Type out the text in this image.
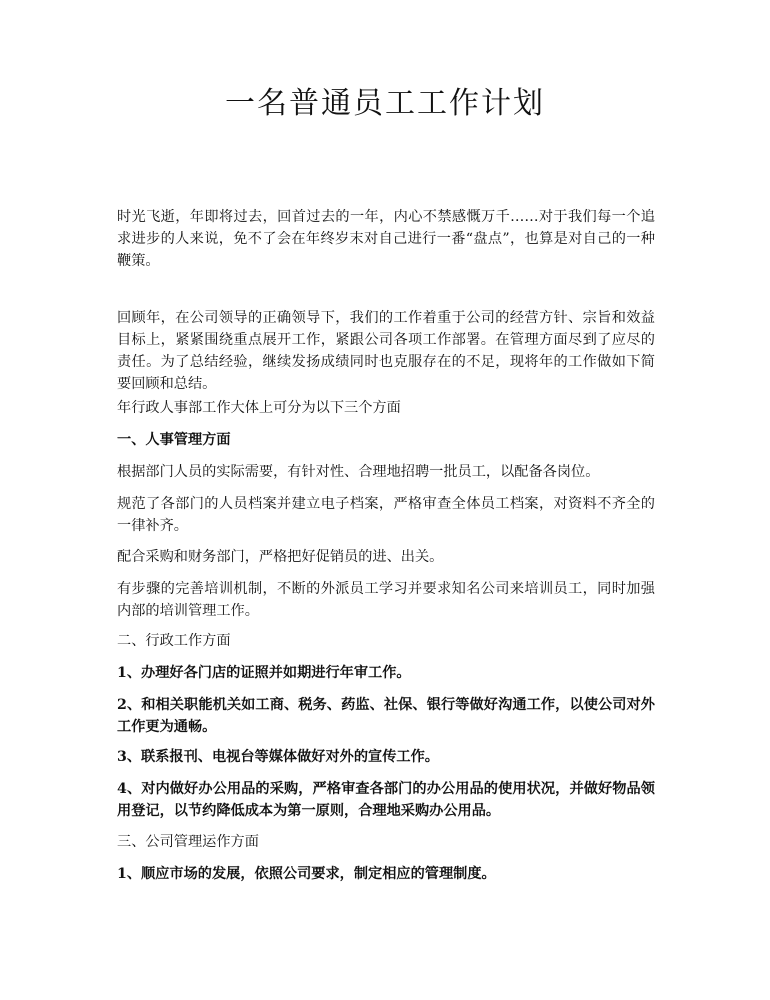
一名普通员工工作计划

时光飞逝，年即将过去，回首过去的一年，内心不禁感慨万千……对于我们每一个追求进步的人来说，免不了会在年终岁末对自己进行一番“盘点”，也算是对自己的一种鞭策。

回顾年，在公司领导的正确领导下，我们的工作着重于公司的经营方针、宗旨和效益目标上，紧紧围绕重点展开工作，紧跟公司各项工作部署。在管理方面尽到了应尽的责任。为了总结经验，继续发扬成绩同时也克服存在的不足，现将年的工作做如下简要回顾和总结。

年行政人事部工作大体上可分为以下三个方面

一、人事管理方面

根据部门人员的实际需要，有针对性、合理地招聘一批员工，以配备各岗位。

规范了各部门的人员档案并建立电子档案，严格审查全体员工档案，对资料不齐全的一律补齐。

配合采购和财务部门，严格把好促销员的进、出关。

有步骤的完善培训机制，不断的外派员工学习并要求知名公司来培训员工，同时加强内部的培训管理工作。

二、行政工作方面

1、办理好各门店的证照并如期进行年审工作。

2、和相关职能机关如工商、税务、药监、社保、银行等做好沟通工作，以使公司对外工作更为通畅。

3、联系报刊、电视台等媒体做好对外的宣传工作。

4、对内做好办公用品的采购，严格审查各部门的办公用品的使用状况，并做好物品领用登记，以节约降低成本为第一原则，合理地采购办公用品。

三、公司管理运作方面

1、顺应市场的发展，依照公司要求，制定相应的管理制度。
